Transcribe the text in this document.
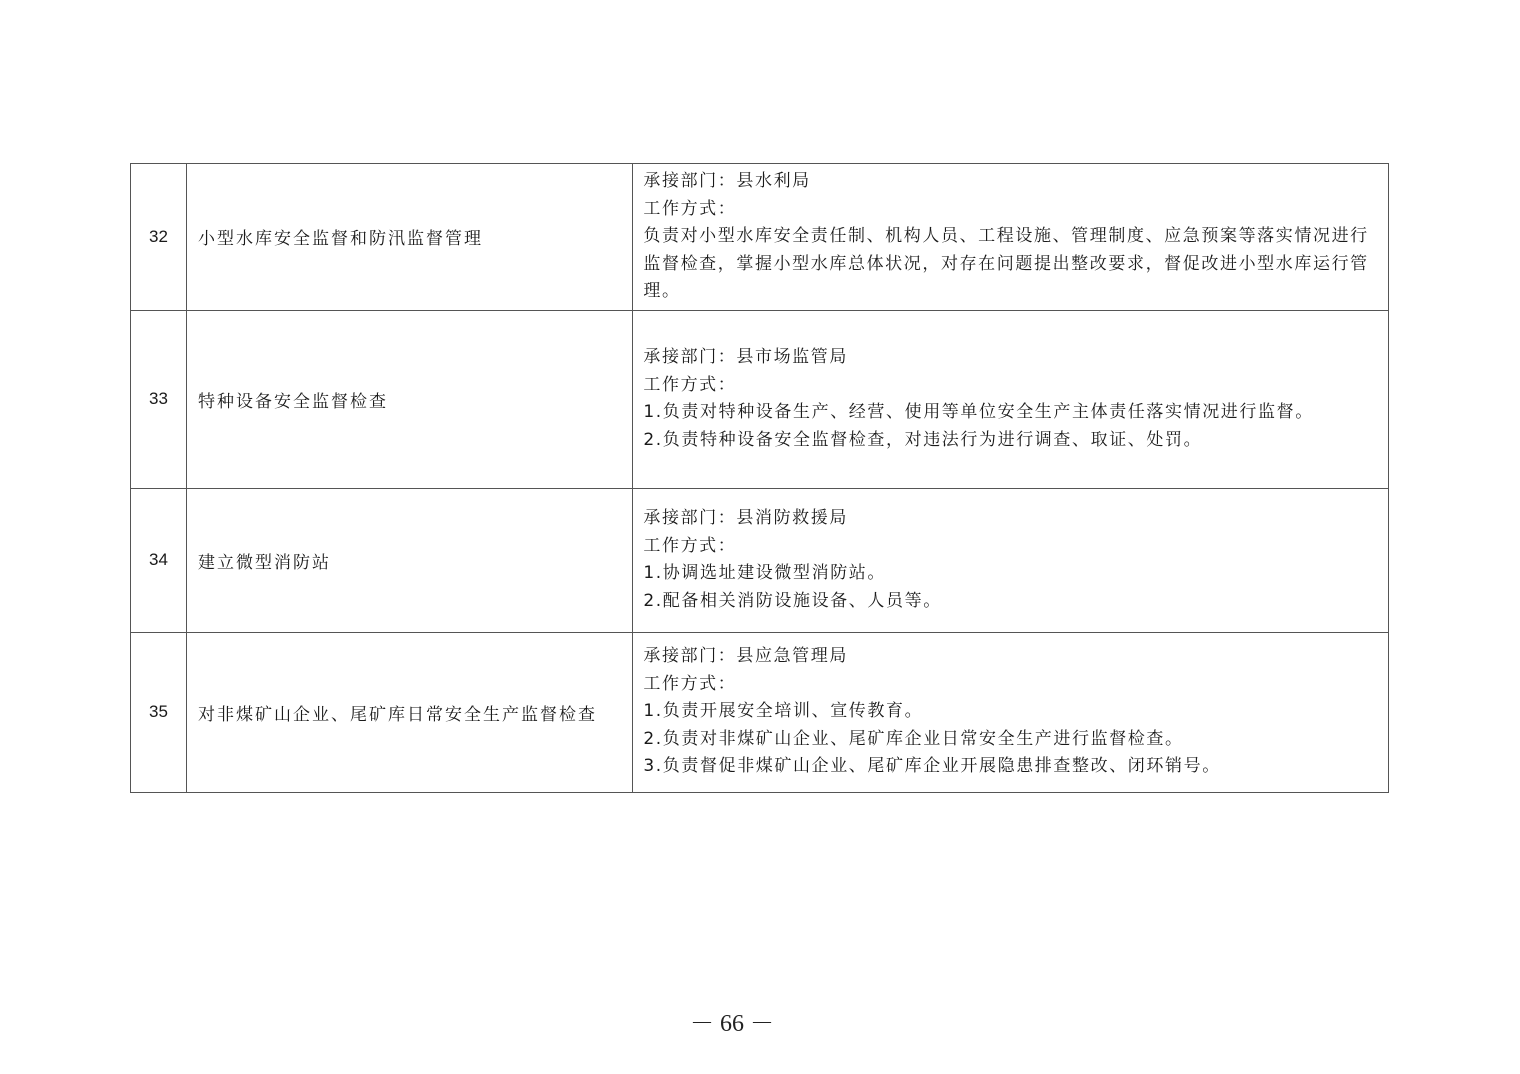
32	小型水库安全监督和防汛监督管理	承接部门：县水利局
工作方式：
负责对小型水库安全责任制、机构人员、工程设施、管理制度、应急预案等落实情况进行监督检查，掌握小型水库总体状况，对存在问题提出整改要求，督促改进小型水库运行管理。

33	特种设备安全监督检查	承接部门：县市场监管局
工作方式：
1.负责对特种设备生产、经营、使用等单位安全生产主体责任落实情况进行监督。
2.负责特种设备安全监督检查，对违法行为进行调查、取证、处罚。

34	建立微型消防站	承接部门：县消防救援局
工作方式：
1.协调选址建设微型消防站。
2.配备相关消防设施设备、人员等。

35	对非煤矿山企业、尾矿库日常安全生产监督检查	承接部门：县应急管理局
工作方式：
1.负责开展安全培训、宣传教育。
2.负责对非煤矿山企业、尾矿库企业日常安全生产进行监督检查。
3.负责督促非煤矿山企业、尾矿库企业开展隐患排查整改、闭环销号。
－ 66 －
